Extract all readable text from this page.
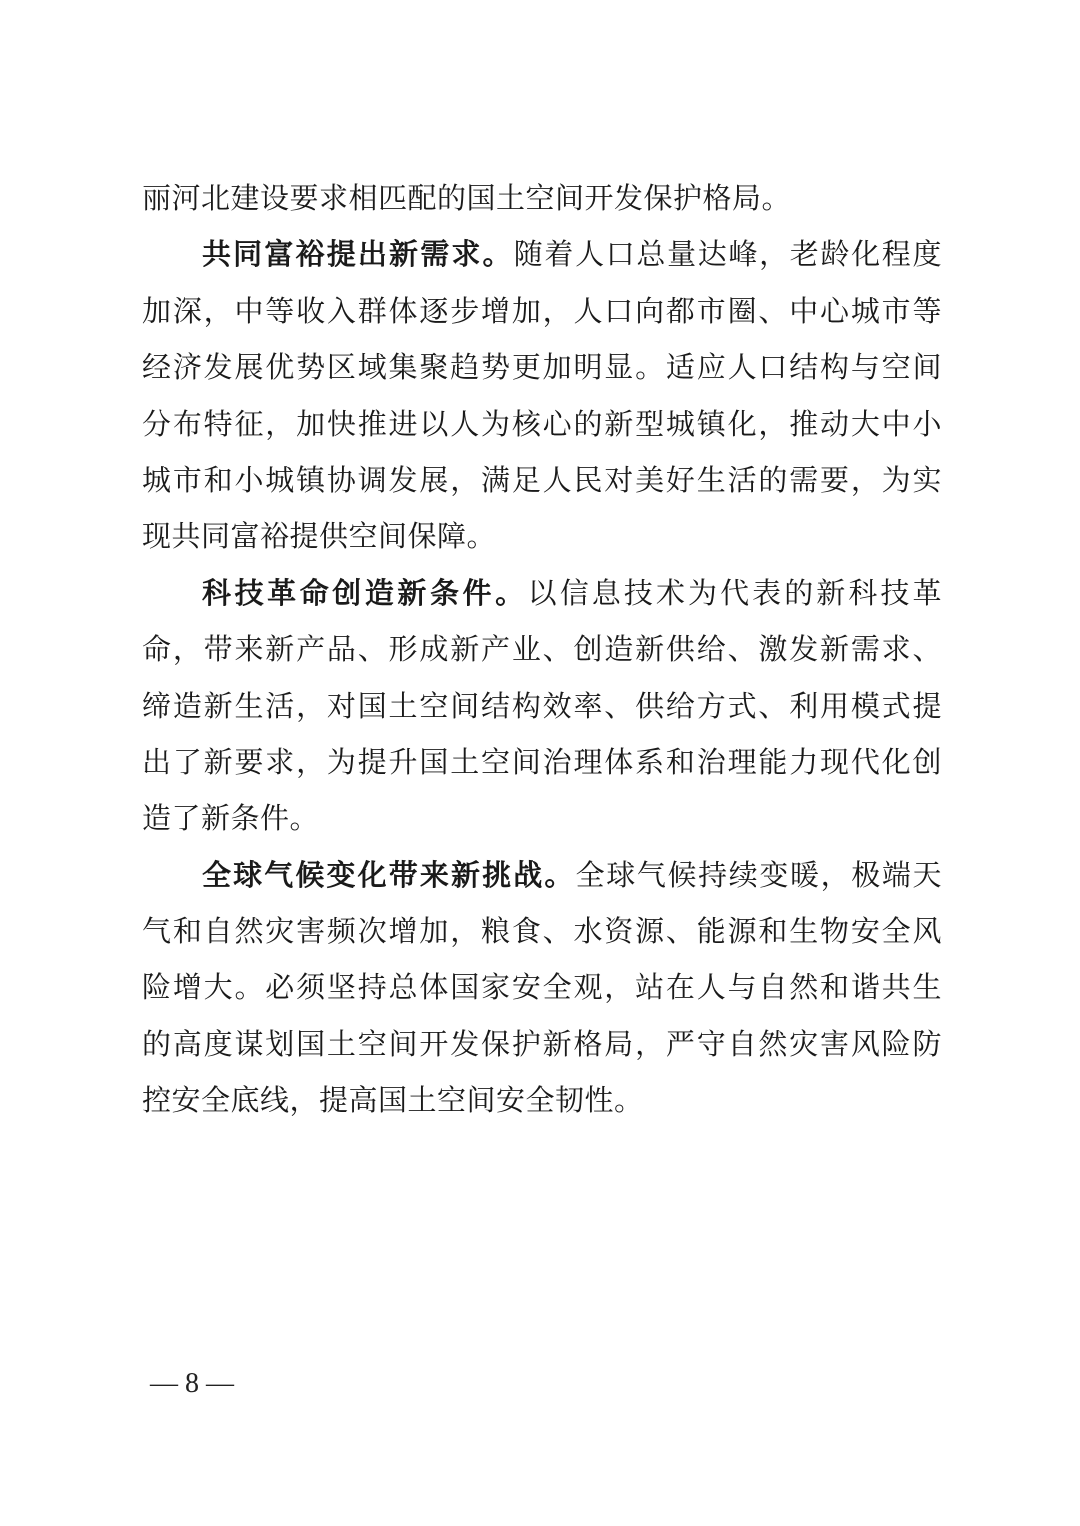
丽河北建设要求相匹配的国土空间开发保护格局。
共同富裕提出新需求。随着人口总量达峰，老龄化程度
加深，中等收入群体逐步增加，人口向都市圈、中心城市等
经济发展优势区域集聚趋势更加明显。适应人口结构与空间
分布特征，加快推进以人为核心的新型城镇化，推动大中小
城市和小城镇协调发展，满足人民对美好生活的需要，为实
现共同富裕提供空间保障。
科技革命创造新条件。以信息技术为代表的新科技革
命，带来新产品、形成新产业、创造新供给、激发新需求、
缔造新生活，对国土空间结构效率、供给方式、利用模式提
出了新要求，为提升国土空间治理体系和治理能力现代化创
造了新条件。
全球气候变化带来新挑战。全球气候持续变暖，极端天
气和自然灾害频次增加，粮食、水资源、能源和生物安全风
险增大。必须坚持总体国家安全观，站在人与自然和谐共生
的高度谋划国土空间开发保护新格局，严守自然灾害风险防
控安全底线，提高国土空间安全韧性。
— 8 —
